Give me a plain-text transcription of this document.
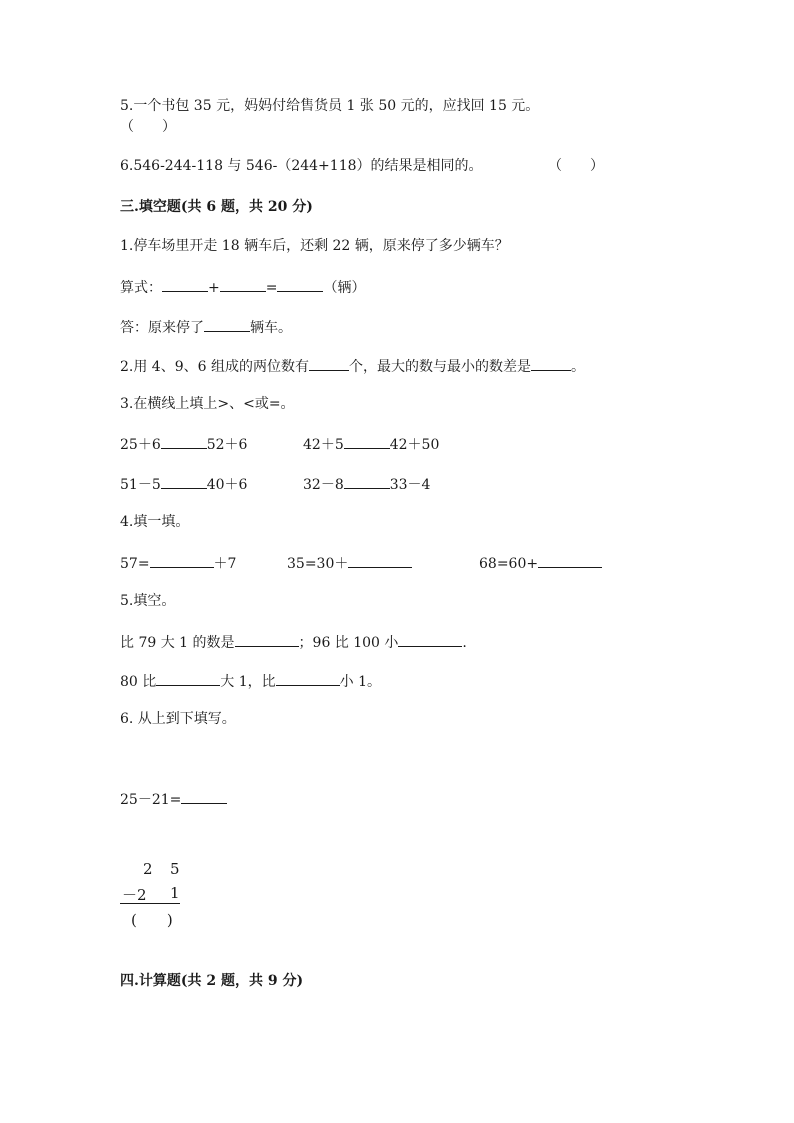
5.一个书包 35 元，妈妈付给售货员 1 张 50 元的，应找回 15 元。
（　　）
6.546-244-118 与 546-（244+118）的结果是相同的。	（　　）
三.填空题(共 6 题，共 20 分)
1.停车场里开走 18 辆车后，还剩 22 辆，原来停了多少辆车？
算式：	+	=	（辆）
答：原来停了	辆车。
2.用 4、9、6 组成的两位数有	个，最大的数与最小的数差是	。
3.在横线上填上>、<或=。
25＋6	52＋6	42＋5	42＋50
51－5	40＋6	32－8	33－4
4.填一填。
57=	＋7	35=30＋	68=60+
5.填空。
比 79 大 1 的数是	；96 比 100 小	.
80 比	大 1，比	小 1。
6. 从上到下填写。
25－21=
2 5
－2 1
(　　)
四.计算题(共 2 题，共 9 分)
